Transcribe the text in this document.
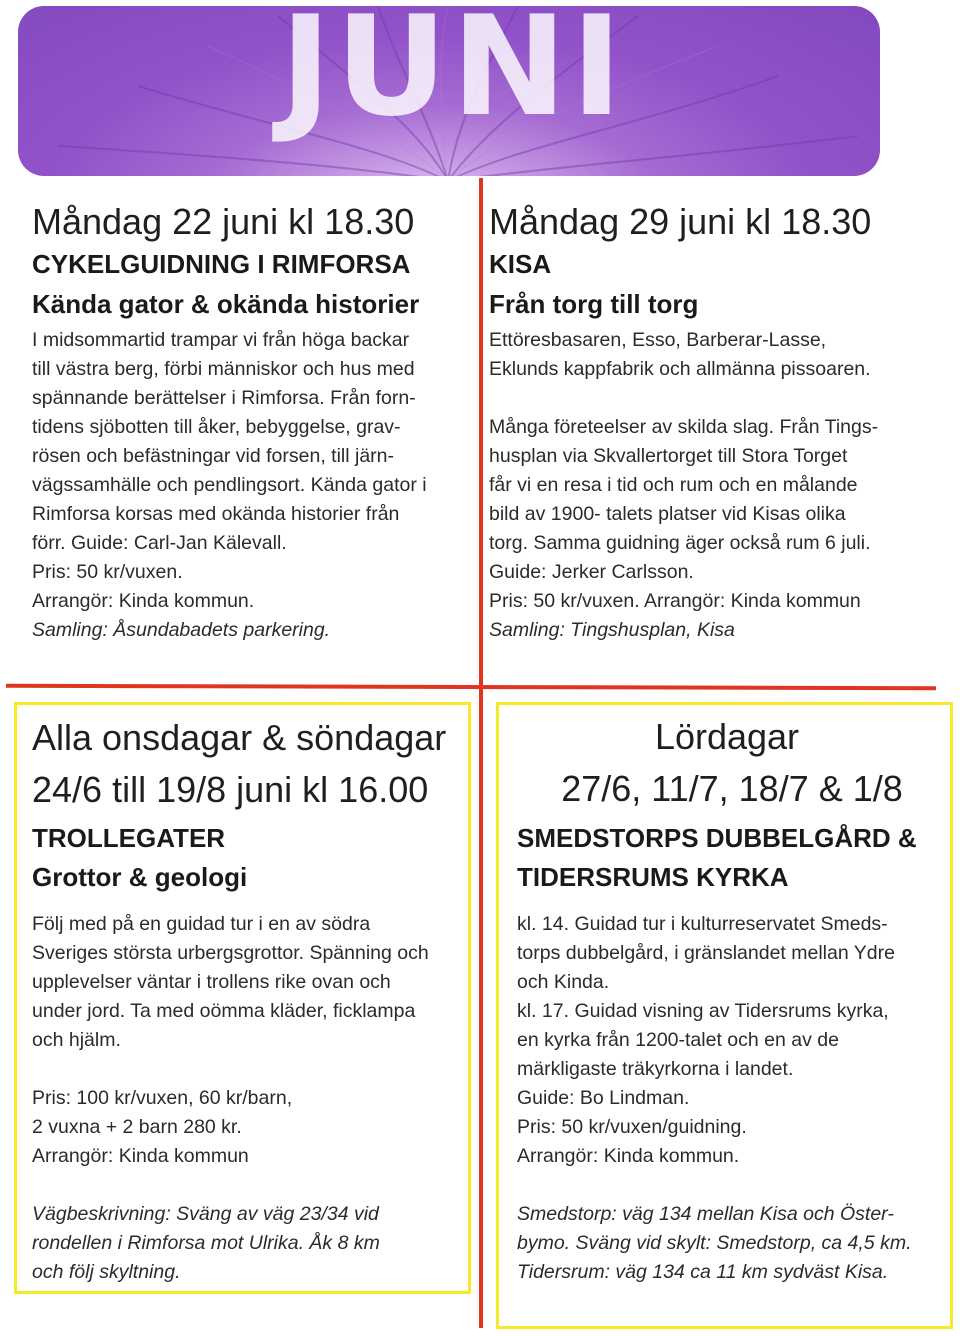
JUNI
Måndag 22 juni kl 18.30
CYKELGUIDNING I RIMFORSA
Kända gator & okända historier
I midsommartid trampar vi från höga backar
till västra berg, förbi människor och hus med
spännande berättelser i Rimforsa. Från forn-
tidens sjöbotten till åker, bebyggelse, grav-
rösen och befästningar vid forsen, till järn-
vägssamhälle och pendlingsort. Kända gator i
Rimforsa korsas med okända historier från
förr. Guide: Carl-Jan Kälevall.
Pris: 50 kr/vuxen.
Arrangör: Kinda kommun.
Samling: Åsundabadets parkering.
Måndag 29 juni kl 18.30
KISA
Från torg till torg
Ettöresbasaren, Esso, Barberar-Lasse,
Eklunds kappfabrik och allmänna pissoaren.
Många företeelser av skilda slag. Från Tings-
husplan via Skvallertorget till Stora Torget
får vi en resa i tid och rum och en målande
bild av 1900- talets platser vid Kisas olika
torg. Samma guidning äger också rum 6 juli.
Guide: Jerker Carlsson.
Pris: 50 kr/vuxen. Arrangör: Kinda kommun
Samling: Tingshusplan, Kisa
Alla onsdagar & söndagar
24/6 till 19/8 juni kl 16.00
TROLLEGATER
Grottor & geologi
Följ med på en guidad tur i en av södra
Sveriges största urbergsgrottor. Spänning och
upplevelser väntar i trollens rike ovan och
under jord. Ta med oömma kläder, ficklampa
och hjälm.
Pris: 100 kr/vuxen, 60 kr/barn,
2 vuxna + 2 barn 280 kr.
Arrangör: Kinda kommun
Vägbeskrivning: Sväng av väg 23/34 vid
rondellen i Rimforsa mot Ulrika. Åk 8 km
och följ skyltning.
Lördagar
27/6, 11/7, 18/7 & 1/8
SMEDSTORPS DUBBELGÅRD &
TIDERSRUMS KYRKA
kl. 14. Guidad tur i kulturreservatet Smeds-
torps dubbelgård, i gränslandet mellan Ydre
och Kinda.
kl. 17. Guidad visning av Tidersrums kyrka,
en kyrka från 1200-talet och en av de
märkligaste träkyrkorna i landet.
Guide: Bo Lindman.
Pris: 50 kr/vuxen/guidning.
Arrangör: Kinda kommun.
Smedstorp: väg 134 mellan Kisa och Öster-
bymo. Sväng vid skylt: Smedstorp, ca 4,5 km.
Tidersrum: väg 134 ca 11 km sydväst Kisa.
